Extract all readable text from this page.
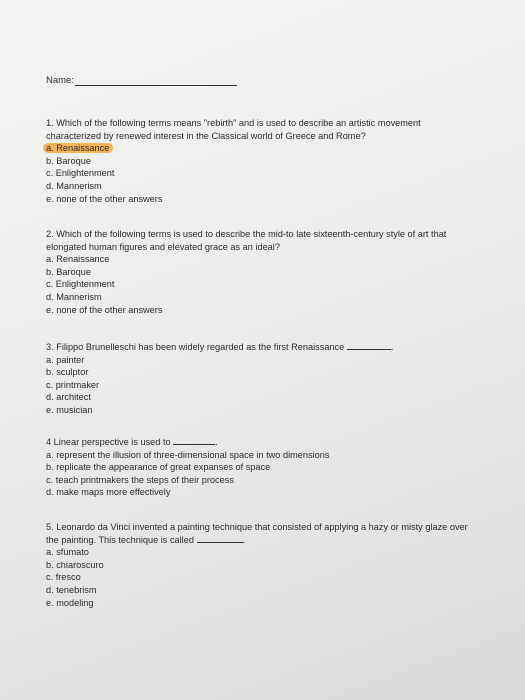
Name:

1. Which of the following terms means "rebirth" and is used to describe an artistic movement characterized by renewed interest in the Classical world of Greece and Rome?

a. Renaissance

b. Baroque

c. Enlightenment

d. Mannerism

e. none of the other answers

2. Which of the following terms is used to describe the mid-to late sixteenth-century style of art that elongated human figures and elevated grace as an ideal?

a. Renaissance

b. Baroque

c. Enlightenment

d. Mannerism

e. none of the other answers

3. Filippo Brunelleschi has been widely regarded as the first Renaissance	.

a. painter

b. sculptor

c. printmaker

d. architect

e. musician

4 Linear perspective is used to	.

a. represent the illusion of three-dimensional space in two dimensions

b. replicate the appearance of great expanses of space

c. teach printmakers the steps of their process

d. make maps more effectively

5. Leonardo da Vinci invented a painting technique that consisted of applying a hazy or misty glaze over the painting. This technique is called	.

a. sfumato

b. chiaroscuro

c. fresco

d. tenebrism

e. modeling
